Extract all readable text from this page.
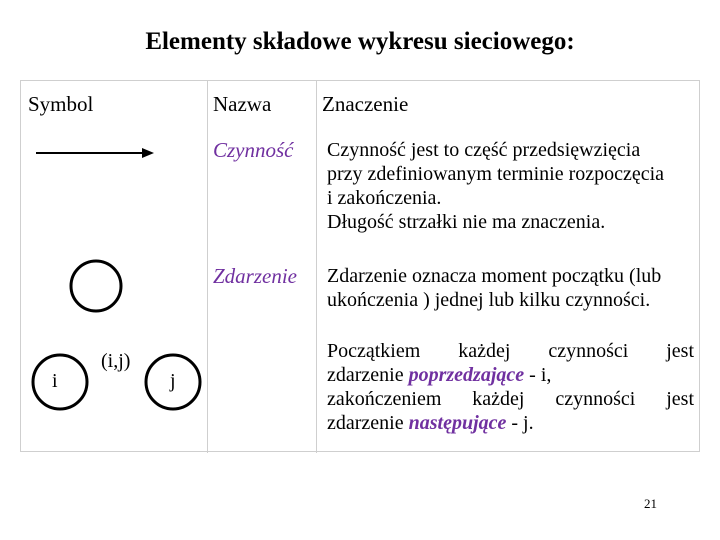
Elementy składowe wykresu sieciowego:
Symbol	Nazwa Znaczenie
Czynność Czynność jest to część przedsięwzięcia
przy zdefiniowanym terminie rozpoczęcia
i zakończenia.
Długość strzałki nie ma znaczenia.
Zdarzenie Zdarzenie oznacza moment początku (lub
ukończenia ) jednej lub kilku czynności.
i
(i,j)
j
Początkiem każdej czynności jest
zdarzenie poprzedzające - i,
zakończeniem każdej czynności jest
zdarzenie następujące - j.
21
